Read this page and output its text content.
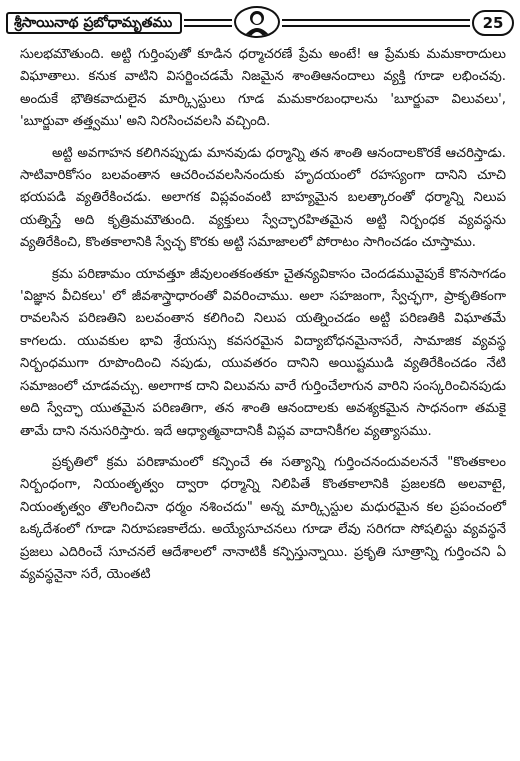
శ్రీసాయినాథ ప్రబోధామృతము	25

సులభమౌతుంది. అట్టి గుర్తింపుతో కూడిన ధర్మాచరణే ప్రేమ అంటే! ఆ ప్రేమకు మమకారాదులు విఘాతాలు. కనుక వాటిని విసర్జించడమే నిజమైన శాంతిఆనందాలు వ్యక్తి గూడా లభించవు. అందుకే భౌతికవాదులైన మార్క్సిస్టులు గూడ మమకారబంధాలను 'బూర్జువా విలువలు', 'బూర్జువా తత్త్వము' అని నిరసించవలసి వచ్చింది.

అట్టి అవగాహన కలిగినప్పుడు మానవుడు ధర్మాన్ని తన శాంతి ఆనందాలకొరకే ఆచరిస్తాడు. సాటివారికోసం బలవంతాన ఆచరించవలసినందుకు హృదయంలో రహస్యంగా దానిని చూచి భయపడి వ్యతిరేకించడు. అలాగక విప్లవంవంటి బాహ్యమైన బలత్కారంతో ధర్మాన్ని నిలుప యత్నిస్తే అది కృత్రిమమౌతుంది. వ్యక్తులు స్వేచ్ఛారహితమైన అట్టి నిర్బంధక వ్యవస్థను వ్యతిరేకించి, కొంతకాలానికి స్వేచ్ఛ కొరకు అట్టి సమాజాలలో పోరాటం సాగించడం చూస్తాము.

క్రమ పరిణామం యావత్తూ జీవులంతకంతకూ చైతన్యవికాసం చెందడమువైపుకే కొనసాగడం 'విజ్ఞాన వీచికలు' లో జీవశాస్త్రాధారంతో వివరించాము. అలా సహజంగా, స్వేచ్ఛగా, ప్రాకృతికంగా రావలసిన పరిణతిని బలవంతాన కలిగించి నిలుప యత్నించడం అట్టి పరిణతికి విఘాతమే కాగలదు. యువకుల భావి శ్రేయస్సు కవసరమైన విద్యాబోధనమైనాసరే, సామాజిక వ్యవస్థ నిర్బంధముగా రూపొందించి నపుడు, యువతరం దానిని అయిష్టముడి వ్యతిరేకించడం నేటి సమాజంలో చూడవచ్చు. అలాగాక దాని విలువను వారే గుర్తించేలాగున వారిని సంస్కరించినపుడు అది స్వేచ్ఛా యుతమైన పరిణతిగా, తన శాంతి ఆనందాలకు అవశ్యకమైన సాధనంగా తమకై తామే దాని ననుసరిస్తారు. ఇదే ఆధ్యాత్మవాదానికీ విప్లవ వాదానికీగల వ్యత్యాసము.

ప్రకృతిలో క్రమ పరిణామంలో కన్పించే ఈ సత్యాన్ని గుర్తించనందువలననే "కొంతకాలం నిర్బంధంగా, నియంతృత్వం ద్వారా ధర్మాన్ని నిలిపితే కొంతకాలానికి ప్రజలకది అలవాటై, నియంతృత్వం తొలగించినా ధర్మం నశించదు" అన్న మార్క్సిస్టుల మధురమైన కల ప్రపంచంలో ఒక్కదేశంలో గూడా నిరూపణకాలేదు. అయ్యేసూచనలు గూడా లేవు సరిగదా సోషలిస్టు వ్యవస్థనే ప్రజలు ఎదిరించే సూచనలే ఆదేశాలలో నానాటికీ కన్పిస్తున్నాయి. ప్రకృతి సూత్రాన్ని గుర్తించని ఏ వ్యవస్థనైనా సరే, యెంతటి
